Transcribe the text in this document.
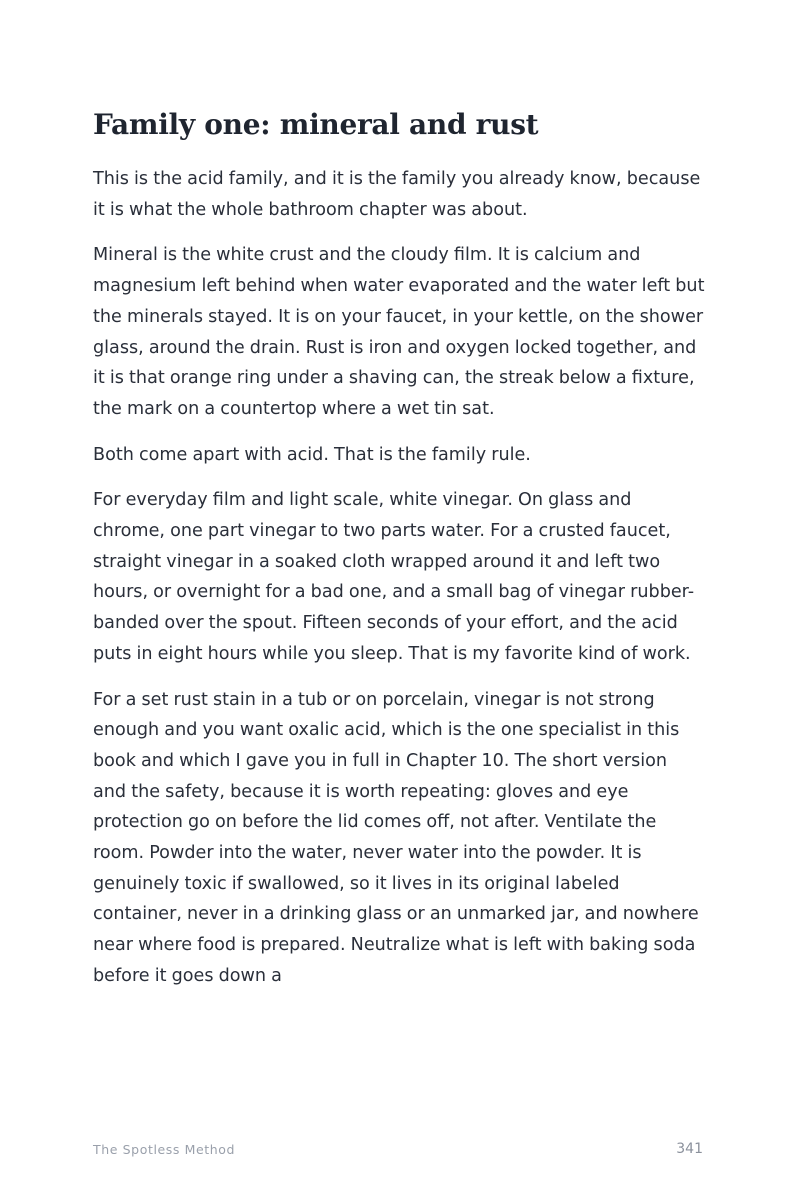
Family one: mineral and rust

This is the acid family, and it is the family you already know, because it is what the whole bathroom chapter was about.

Mineral is the white crust and the cloudy film. It is calcium and magnesium left behind when water evaporated and the water left but the minerals stayed. It is on your faucet, in your kettle, on the shower glass, around the drain. Rust is iron and oxygen locked together, and it is that orange ring under a shaving can, the streak below a fixture, the mark on a countertop where a wet tin sat.

Both come apart with acid. That is the family rule.

For everyday film and light scale, white vinegar. On glass and chrome, one part vinegar to two parts water. For a crusted faucet, straight vinegar in a soaked cloth wrapped around it and left two hours, or overnight for a bad one, and a small bag of vinegar rubber-banded over the spout. Fifteen seconds of your effort, and the acid puts in eight hours while you sleep. That is my favorite kind of work.

For a set rust stain in a tub or on porcelain, vinegar is not strong enough and you want oxalic acid, which is the one specialist in this book and which I gave you in full in Chapter 10. The short version and the safety, because it is worth repeating: gloves and eye protection go on before the lid comes off, not after. Ventilate the room. Powder into the water, never water into the powder. It is genuinely toxic if swallowed, so it lives in its original labeled container, never in a drinking glass or an unmarked jar, and nowhere near where food is prepared. Neutralize what is left with baking soda before it goes down a

The Spotless Method	341
